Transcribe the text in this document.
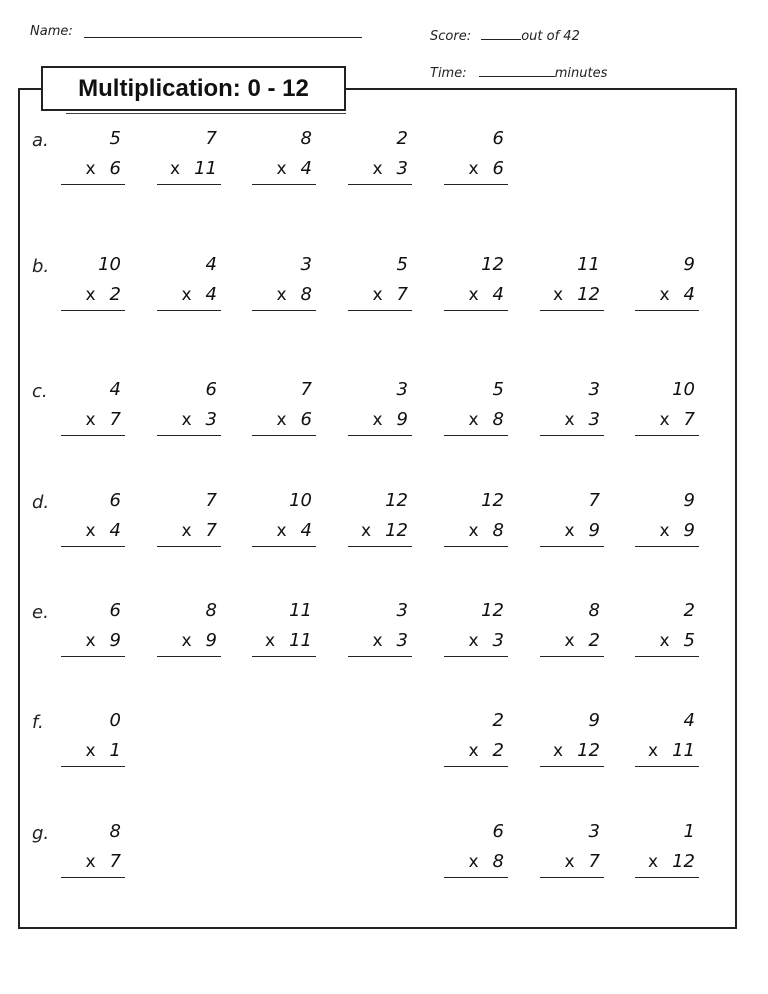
Name:	Score:	out of 42
Time:	minutes
Multiplication: 0 - 12
a.	5
x 6
7
x 11
8
x 4
2
x 3
6
x 6
b.	10
x 2
4
x 4
3
x 8
5
x 7
12
x 4
11
x 12
9
x 4
c.	4
x 7
6
x 3
7
x 6
3
x 9
5
x 8
3
x 3
10
x 7
d.	6
x 4
7
x 7
10
x 4
12
x 12
12
x 8
7
x 9
9
x 9
e.	6
x 9
8
x 9
11
x 11
3
x 3
12
x 3
8
x 2
2
x 5
f.	0
x 1
2
x 2
9
x 12
4
x 11
g.	8
x 7
6
x 8
3
x 7
1
x 12
